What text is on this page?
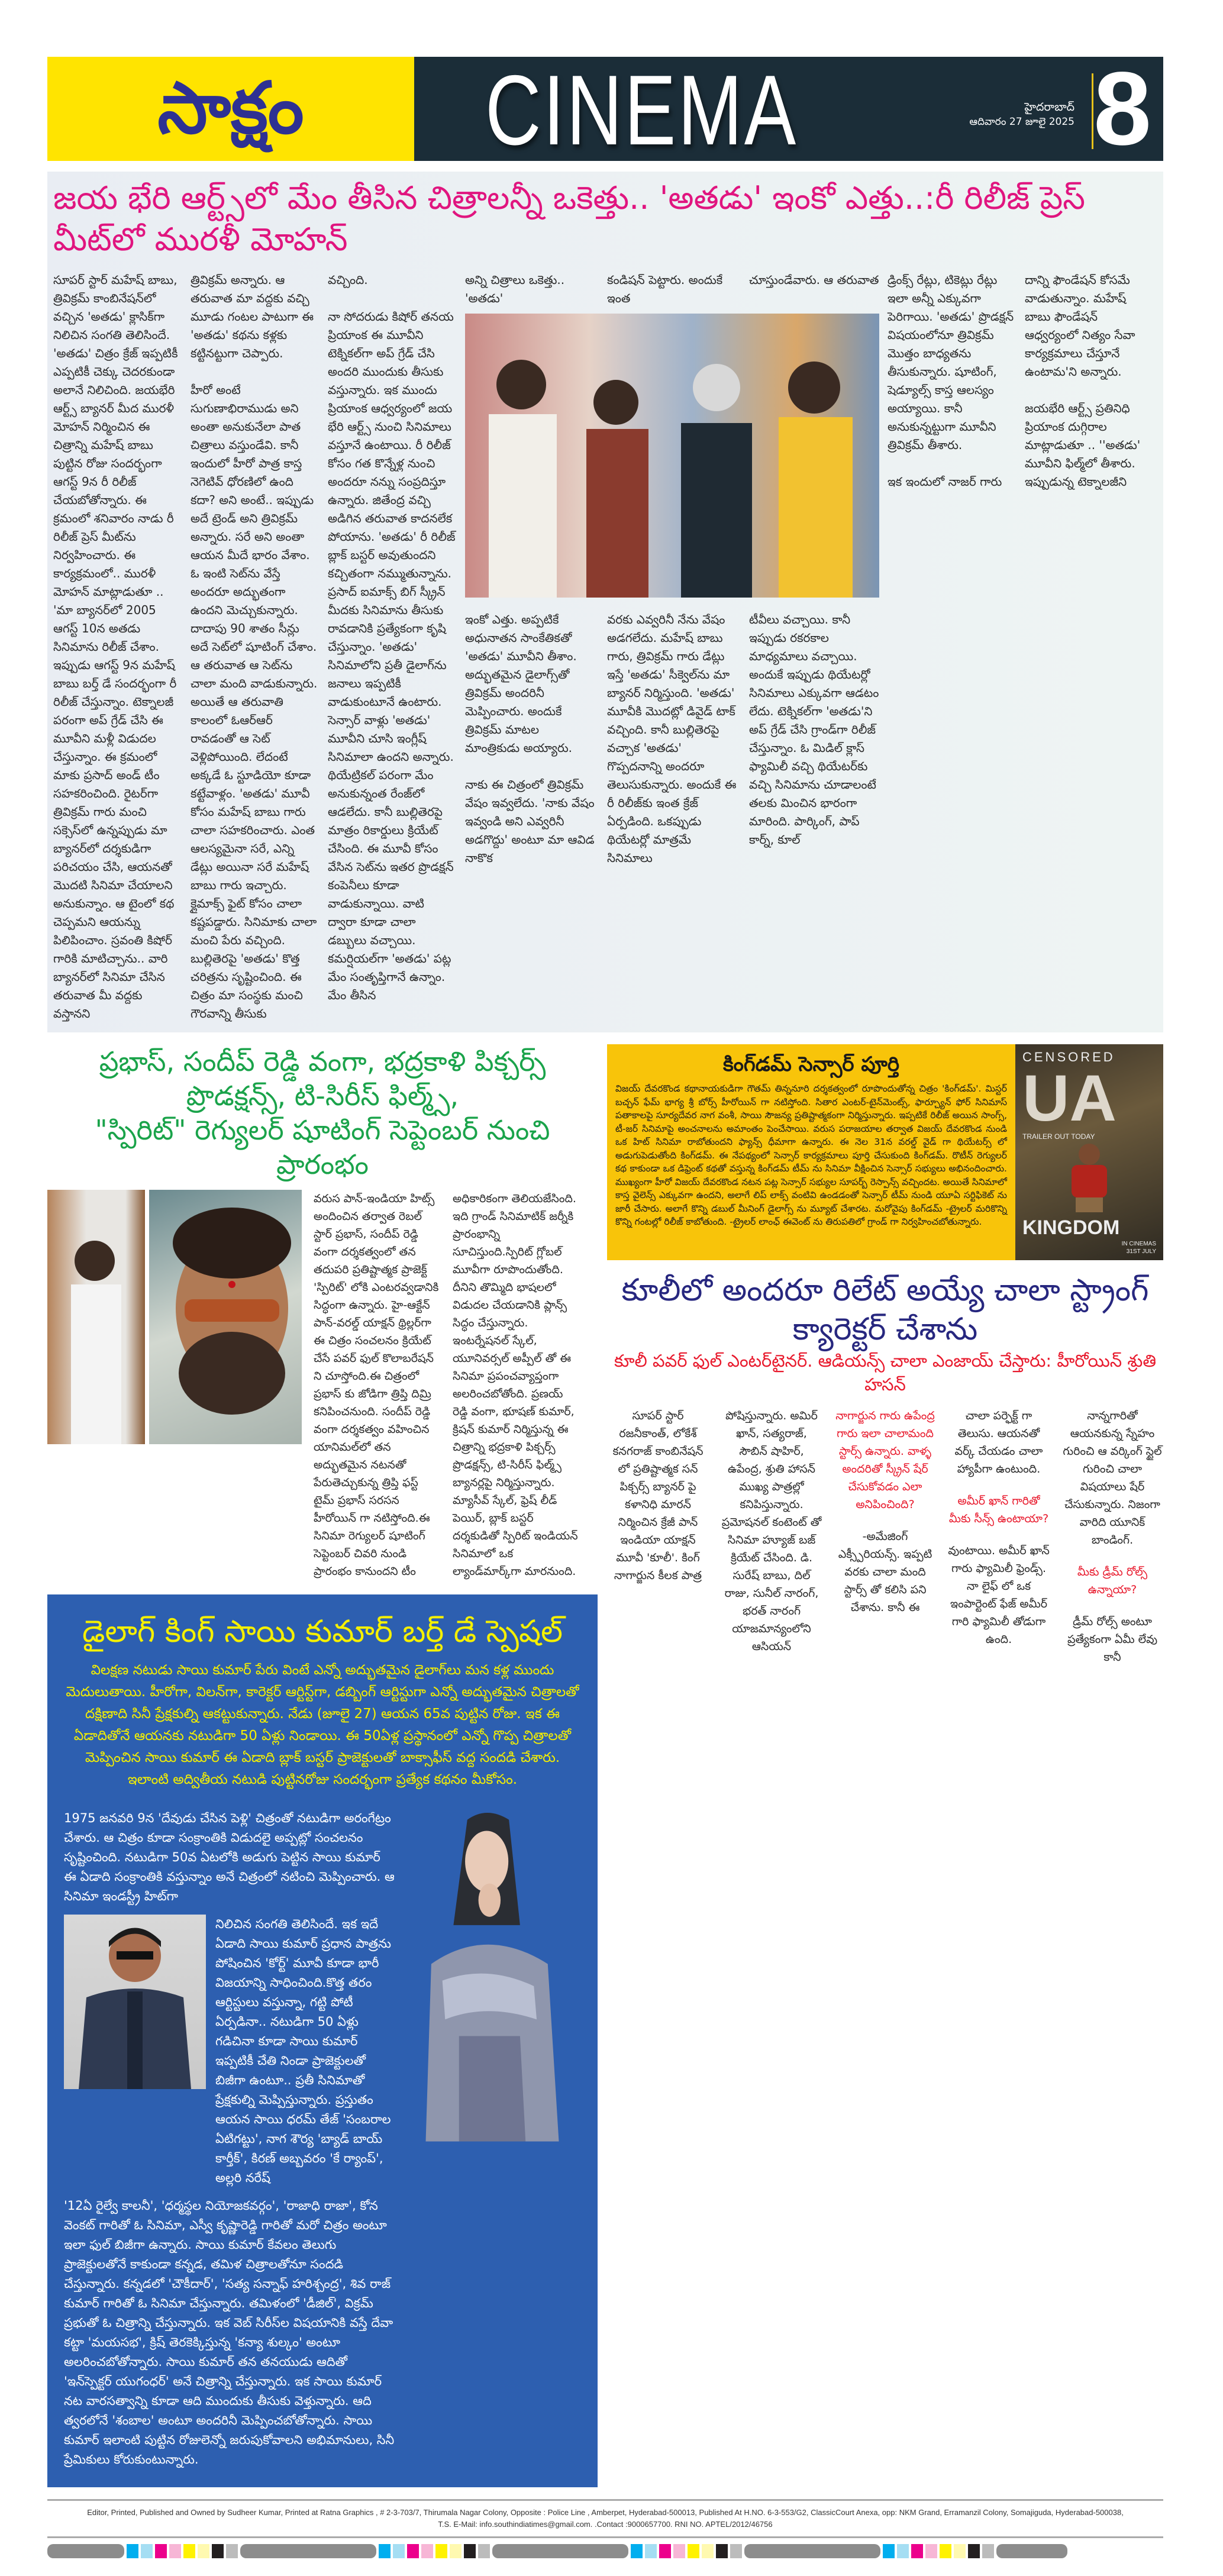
సాక్షం CINEMA	హైదరాబాద్
ఆదివారం 27 జూలై 2025 8
జయ భేరి ఆర్ట్స్‌లో మేం తీసిన చిత్రాలన్నీ ఒకెత్తు.. 'అతడు' ఇంకో ఎత్తు..:రీ రిలీజ్ ప్రెస్ మీట్‌లో మురళీ మోహన్

సూపర్ స్టార్ మహేష్ బాబు, త్రివిక్రమ్ కాంబినేషన్‌లో వచ్చిన 'అతడు' క్లాసిక్‌గా నిలిచిన సంగతి తెలిసిందే. 'అతడు' చిత్రం క్రేజ్ ఇప్పటికీ ఎప్పటికీ చెక్కు చెదరకుండా అలానే నిలిచింది. జయభేరి ఆర్ట్స్ బ్యానర్ మీద మురళీ మోహన్ నిర్మించిన ఈ చిత్రాన్ని మహేష్ బాబు పుట్టిన రోజు సందర్భంగా ఆగస్ట్ 9న రీ రిలీజ్ చేయబోతోన్నారు. ఈ క్రమంలో శనివారం నాడు రీ రిలీజ్ ప్రెస్ మీట్‌ను నిర్వహించారు. ఈ కార్యక్రమంలో.. మురళీ మోహన్ మాట్లాడుతూ .. 'మా బ్యానర్‌లో 2005 ఆగస్ట్ 10న అతడు సినిమాను రిలీజ్ చేశాం. ఇప్పుడు ఆగస్ట్ 9న మహేష్ బాబు బర్త్ డే సందర్భంగా రీ రిలీజ్ చేస్తున్నాం. టెక్నాలజీ పరంగా అప్ గ్రేడ్ చేసి ఈ మూవీని మళ్లీ విడుదల చేస్తున్నాం. ఈ క్రమంలో మాకు ప్రసాద్ అండ్ టీం సహకరించింది. రైటర్‌గా త్రివిక్రమ్ గారు మంచి సక్సెస్‌లో ఉన్నప్పుడు మా బ్యానర్‌లో దర్శకుడిగా పరిచయం చేసి, ఆయనతో మొదటి సినిమా చేయాలని అనుకున్నాం. ఆ టైంలో కథ చెప్పమని ఆయన్ను పిలిపించాం. స్రవంతి కిషోర్ గారికి మాటిచ్చాను.. వారి బ్యానర్‌లో సినిమా చేసిన తరువాత మీ వద్దకు వస్తానని

త్రివిక్రమ్ అన్నారు. ఆ తరువాత మా వద్దకు వచ్చి మూడు గంటల పాటుగా ఈ 'అతడు' కథను కళ్లకు కట్టినట్టుగా చెప్పారు.

హీరో అంటే సుగుణాభిరాముడు అని అంతా అనుకునేలా పాత చిత్రాలు వస్తుండేవి. కానీ ఇందులో హీరో పాత్ర కాస్త నెగెటివ్ ధోరణిలో ఉంది కదా? అని అంటే.. ఇప్పుడు అదే ట్రెండ్ అని త్రివిక్రమ్ అన్నారు. సరే అని అంతా ఆయన మీదే భారం వేశాం. ఓ ఇంటి సెట్‌ను వేస్తే అందరూ అద్భుతంగా ఉందని మెచ్చుకున్నారు. దాదాపు 90 శాతం సీన్లు అదే సెట్‌లో షూటింగ్ చేశాం. ఆ తరువాత ఆ సెట్‌ను చాలా మంది వాడుకున్నారు. అయితే ఆ తరువాతి కాలంలో ఓఆర్ఆర్ రావడంతో ఆ సెట్ వెళ్లిపోయింది. లేదంటే అక్కడే ఓ స్టూడియో కూడా కట్టేవాళ్లం. 'అతడు' మూవీ కోసం మహేష్ బాబు గారు చాలా సహకరించారు. ఎంత ఆలస్యమైనా సరే, ఎన్ని డేట్లు అయినా సరే మహేష్ బాబు గారు ఇచ్చారు. క్లైమాక్స్ ఫైట్ కోసం చాలా కష్టపడ్డారు. సినిమాకు చాలా మంచి పేరు వచ్చింది. బుల్లితెరపై 'అతడు' కొత్త చరిత్రను సృష్టించింది. ఈ చిత్రం మా సంస్థకు మంచి గౌరవాన్ని తీసుకు

వచ్చింది.

నా సోదరుడు కిషోర్ తనయ ప్రియాంక ఈ మూవీని టెక్నికల్‌గా అప్ గ్రేడ్ చేసి అందరి ముందుకు తీసుకు వస్తున్నారు. ఇక ముందు ప్రియాంక ఆధ్వర్యంలో జయ భేరి ఆర్ట్స్ నుంచి సినిమాలు వస్తూనే ఉంటాయి. రీ రిలీజ్ కోసం గత కొన్నేళ్ల నుంచి అందరూ నన్ను సంప్రదిస్తూ ఉన్నారు. జితేంద్ర వచ్చి అడిగిన తరువాత కాదనలేక పోయాను. 'అతడు' రీ రిలీజ్ బ్లాక్ బస్టర్ అవుతుందని కచ్చితంగా నమ్ముతున్నాను. ప్రసాద్ ఐమాక్స్ బిగ్ స్క్రీన్ మీదకు సినిమాను తీసుకు రావడానికి ప్రత్యేకంగా కృషి చేస్తున్నాం. 'అతడు' సినిమాలోని ప్రతీ డైలాగ్‌ను జనాలు ఇప్పటికీ వాడుకుంటూనే ఉంటారు. సెన్సార్ వాళ్లు 'అతడు' మూవీని చూసి ఇంగ్లీష్ సినిమాలా ఉందని అన్నారు. థియేట్రికల్ పరంగా మేం అనుకున్నంత రేంజ్‌లో ఆడలేదు. కానీ బుల్లితెరపై మాత్రం రికార్డులు క్రియేట్ చేసింది. ఈ మూవీ కోసం వేసిన సెట్‌ను ఇతర ప్రొడక్షన్ కంపెనీలు కూడా వాడుకున్నాయి. వాటి ద్వారా కూడా చాలా డబ్బులు వచ్చాయి. కమర్షియల్‌గా 'అతడు' పట్ల మేం సంతృప్తిగానే ఉన్నాం. మేం తీసిన

అన్ని చిత్రాలు ఒకెత్తు.. 'అతడు'

కండిషన్ పెట్టారు. అందుకే ఇంత

చూస్తుండేవారు. ఆ తరువాత

ఇంకో ఎత్తు. అప్పటికే అధునాతన సాంకేతికతో 'అతడు' మూవీని తీశాం. అద్భుతమైన డైలాగ్స్‌తో త్రివిక్రమ్ అందరినీ మెప్పించారు. అందుకే త్రివిక్రమ్ మాటల మాంత్రికుడు అయ్యారు.

నాకు ఈ చిత్రంలో త్రివిక్రమ్ వేషం ఇవ్వలేదు. 'నాకు వేషం ఇవ్వండి అని ఎవ్వరినీ అడగొద్దు' అంటూ మా ఆవిడ నాకొక

వరకు ఎవ్వరినీ నేను వేషం అడగలేదు. మహేష్ బాబు గారు, త్రివిక్రమ్ గారు డేట్లు ఇస్తే 'అతడు' సీక్వెల్‌ను మా బ్యానర్ నిర్మిస్తుంది. 'అతడు' మూవీకి మొదట్లో డివైడ్ టాక్ వచ్చింది. కానీ బుల్లితెరపై వచ్చాక 'అతడు' గొప్పదనాన్ని అందరూ తెలుసుకున్నారు. అందుకే ఈ రీ రిలీజ్‌కు ఇంత క్రేజ్ ఏర్పడింది. ఒకప్పుడు థియేటర్లో మాత్రమే సినిమాలు

టీవీలు వచ్చాయి. కానీ ఇప్పుడు రకరకాల మాధ్యమాలు వచ్చాయి. అందుకే ఇప్పుడు థియేటర్లో సినిమాలు ఎక్కువగా ఆడటం లేదు. టెక్నికల్‌గా 'అతడు'ని అప్ గ్రేడ్ చేసి గ్రాండ్‌గా రిలీజ్ చేస్తున్నాం. ఓ మిడిల్ క్లాస్ ఫ్యామిలీ వచ్చి థియేటర్‌కు వచ్చి సినిమాను చూడాలంటే తలకు మించిన భారంగా మారింది. పార్కింగ్, పాప్ కార్న్, కూల్

డ్రింక్స్ రేట్లు, టికెట్లు రేట్లు ఇలా అన్నీ ఎక్కువగా పెరిగాయి. 'అతడు' ప్రొడక్షన్ విషయంలోనూ త్రివిక్రమ్ మొత్తం బాధ్యతను తీసుకున్నారు. షూటింగ్, షెడ్యూల్స్ కాస్త ఆలస్యం అయ్యాయి. కానీ అనుకున్నట్టుగా మూవీని త్రివిక్రమ్ తీశారు.

ఇక ఇందులో నాజర్ గారు

దాన్ని ఫౌండేషన్ కోసమే వాడుతున్నాం. మహేష్ బాబు ఫౌండేషన్ ఆధ్వర్యంలో నిత్యం సేవా కార్యక్రమాలు చేస్తూనే ఉంటామ'ని అన్నారు.

జయభేరి ఆర్ట్స్ ప్రతినిధి ప్రియాంక దుగ్గిరాల మాట్లాడుతూ .. ''అతడు' మూవీని ఫిల్మ్‌లో తీశారు. ఇప్పుడున్న టెక్నాలజీని

ప్రభాస్, సందీప్ రెడ్డి వంగా, భద్రకాళి పిక్చర్స్ ప్రొడక్షన్స్, టి-సిరీస్ ఫిల్మ్స్,
"స్పిరిట్" రెగ్యులర్ షూటింగ్ సెప్టెంబర్ నుంచి ప్రారంభం
వరుస పాన్-ఇండియా హిట్స్ అందించిన తర్వాత రెబల్ స్టార్ ప్రభాస్, సందీప్ రెడ్డి వంగా దర్శకత్వంలో తన తదుపరి ప్రతిష్టాత్మక ప్రాజెక్ట్ 'స్పిరిట్' లోకి ఎంటరవ్వడానికి సిద్ధంగా ఉన్నారు. హై-ఆక్టేన్ పాన్-వరల్డ్ యాక్షన్ థ్రిల్లర్‌గా ఈ చిత్రం సంచలనం క్రియేట్ చేసే పవర్ ఫుల్ కొలాబరేషన్ ని చూస్తోంది.ఈ చిత్రంలో ప్రభాస్ కు జోడిగా త్రిప్తి దిమ్రి కనిపించనుంది. సందీప్ రెడ్డి వంగా దర్శకత్వం వహించిన యానిమల్‌లో తన అద్భుతమైన నటనతో పేరుతెచ్చుకున్న త్రిప్తి ఫస్ట్ టైమ్ ప్రభాస్ సరసన హీరోయిన్ గా నటిస్తోంది.ఈ సినిమా రెగ్యులర్ షూటింగ్ సెప్టెంబర్ చివరి నుండి ప్రారంభం కానుందని టీం
అధికారికంగా తెలియజేసింది. ఇది గ్రాండ్ సినిమాటిక్ జర్నీకి ప్రారంభాన్ని సూచిస్తుంది.స్పిరిట్ గ్లోబల్ మూవీగా రూపొందుతోంది. దీనిని తొమ్మిది భాషలలో విడుదల చేయడానికి ప్లాన్స్ సిద్ధం చేస్తున్నారు. ఇంటర్నేషనల్ స్కేల్, యూనివర్సల్ అప్పీల్ తో ఈ సినిమా ప్రపంచవ్యాప్తంగా అలరించబోతోంది. ప్రణయ్ రెడ్డి వంగా, భూషణ్ కుమార్, క్రిషన్ కుమార్ నిర్మిస్తున్న ఈ చిత్రాన్ని భద్రకాళి పిక్చర్స్ ప్రొడక్షన్స్, టి-సిరీస్ ఫిల్మ్స్ బ్యానర్లపై నిర్మిస్తున్నారు. మ్యాసీవ్ స్కేల్, ఫ్రెష్ లీడ్ పెయిర్, బ్లాక్ బస్టర్ దర్శకుడితో స్పిరిట్ ఇండియన్ సినిమాలో ఒక ల్యాండ్‌మార్క్‌గా మారనుంది.
డైలాగ్ కింగ్ సాయి కుమార్ బర్త్ డే స్పెషల్
విలక్షణ నటుడు సాయి కుమార్ పేరు వింటే ఎన్నో అద్భుతమైన డైలాగ్‌లు మన కళ్ల ముందు మెదులుతాయి. హీరోగా, విలన్‌గా, కారెక్టర్ ఆర్టిస్ట్‌గా, డబ్బింగ్ ఆర్టిస్టుగా ఎన్నో అద్భుతమైన చిత్రాలతో దక్షిణాది సినీ ప్రేక్షకుల్ని ఆకట్టుకున్నారు. నేడు (జూలై 27) ఆయన 65వ పుట్టిన రోజు. ఇక ఈ ఏడాదితోనే ఆయనకు నటుడిగా 50 ఏళ్లు నిండాయి. ఈ 50ఏళ్ల ప్రస్థానంలో ఎన్నో గొప్ప చిత్రాలతో మెప్పించిన సాయి కుమార్ ఈ ఏడాది బ్లాక్ బస్టర్ ప్రాజెక్టులతో బాక్సాఫీస్ వద్ద సందడి చేశారు. ఇలాంటి అద్వితీయ నటుడి పుట్టినరోజు సందర్భంగా ప్రత్యేక కథనం మీకోసం.
1975 జనవరి 9న 'దేవుడు చేసిన పెళ్లి' చిత్రంతో నటుడిగా అరంగేట్రం చేశారు. ఆ చిత్రం కూడా సంక్రాంతికి విడుదలై అప్పట్లో సంచలనం సృష్టించింది. నటుడిగా 50వ ఏటలోకి అడుగు పెట్టిన సాయి కుమార్ ఈ ఏడాది సంక్రాంతికి వస్తున్నాం అనే చిత్రంలో నటించి మెప్పించారు. ఆ సినిమా ఇండస్ట్రీ హిట్‌గా
నిలిచిన సంగతి తెలిసిందే. ఇక ఇదే ఏడాది సాయి కుమార్ ప్రధాన పాత్రను పోషించిన 'కోర్ట్' మూవీ కూడా భారీ విజయాన్ని సాధించింది.కొత్త తరం ఆర్టిస్టులు వస్తున్నా, గట్టి పోటీ ఏర్పడినా.. నటుడిగా 50 ఏళ్లు గడిచినా కూడా సాయి కుమార్ ఇప్పటికీ చేతి నిండా ప్రాజెక్టులతో బిజీగా ఉంటూ.. ప్రతీ సినిమాతో ప్రేక్షకుల్ని మెప్పిస్తున్నారు. ప్రస్తుతం ఆయన సాయి ధరమ్ తేజ్ 'సంబరాల ఏటిగట్టు', నాగ శౌర్య 'బ్యాడ్ బాయ్ కార్తీక్', కిరణ్ అబ్బవరం 'కే ర్యాంప్', అల్లరి నరేష్
'12ఏ రైల్వే కాలనీ', 'ధర్మస్థల నియోజకవర్గం', 'రాజాధి రాజా', కోన వెంకట్ గారితో ఓ సినిమా, ఎస్వీ కృష్ణారెడ్డి గారితో మరో చిత్రం అంటూ ఇలా ఫుల్ బిజీగా ఉన్నారు. సాయి కుమార్ కేవలం తెలుగు ప్రాజెక్టులతోనే కాకుండా కన్నడ, తమిళ చిత్రాలతోనూ సందడి చేస్తున్నారు. కన్నడలో 'చౌకీదార్', 'సత్య సన్నాఫ్ హరిశ్చంద్ర', శివ రాజ్ కుమార్ గారితో ఓ సినిమా చేస్తున్నారు. తమిళంలో 'డీజిల్', విక్రమ్ ప్రభుతో ఓ చిత్రాన్ని చేస్తున్నారు. ఇక వెబ్ సిరీస్‌ల విషయానికి వస్తే దేవా కట్టా 'మయసభ', క్రిష్ తెరకెక్కిస్తున్న 'కన్యా శుల్కం' అంటూ అలరించబోతోన్నారు. సాయి కుమార్ తన తనయుడు ఆదితో 'ఇన్‌స్పెక్టర్ యుగంధర్' అనే చిత్రాన్ని చేస్తున్నారు. ఇక సాయి కుమార్ నట వారసత్వాన్ని కూడా ఆది ముందుకు తీసుకు వెళ్తున్నారు. ఆది త్వరలోనే 'శంబాల' అంటూ అందరినీ మెప్పించబోతోన్నారు. సాయి కుమార్ ఇలాంటి పుట్టిన రోజులెన్నో జరుపుకోవాలని అభిమానులు, సినీ ప్రేమికులు కోరుకుంటున్నారు.
కింగ్‌డమ్ సెన్సార్ పూర్తి
విజయ్ దేవరకొండ కథానాయకుడిగా గౌతమ్ తిన్ననూరి దర్శకత్వంలో రూపొందుతోన్న చిత్రం 'కింగ్‌డమ్'. మిస్టర్ బచ్చన్ ఫేమ్ భాగ్య శ్రీ బోర్స్ హీరోయిన్ గా నటిస్తోంది. సితార ఎంటర్-టైన్‌మెంట్స్, ఫార్చ్యూన్ ఫోర్ సినిమాస్ పతాకాలపై సూర్యదేవర నాగ వంశీ, సాయి సౌజన్య ప్రతిష్టాత్మకంగా నిర్మిస్తున్నారు. ఇప్పటికే రిలీజ్ అయిన సాంగ్స్, టీ-జర్ సినిమాపై అంచనాలను అమాంతం పెంచేసాయి. వరుస పరాజయాల తర్వాత విజయ్ దేవరకొండ నుండి ఒక హిట్ సినిమా రాబోతుందని ఫ్యాన్స్ ధీమాగా ఉన్నారు. ఈ నెల 31న వరల్డ్ వైడ్ గా థియేటర్స్ లో అడుగుపెడుతోంది కింగ్‌డమ్. ఈ నేపథ్యంలో సెన్సార్ కార్యక్రమాలు పూర్తి చేసుకుంది కింగ్‌డమ్. రొటీన్ రెగ్యులర్ కథ కాకుండా ఒక డిఫ్రెంట్ కథతో వస్తున్న కింగ్‌డమ్ టీమ్ ను సినిమా వీక్షించిన సెన్సార్ సభ్యులు అభినందించారు. ముఖ్యంగా హీరో విజయ్ దేవరకొండ నటన పట్ల సెన్సార్ సభ్యుల సూపర్బ్ రెస్పాన్స్ వచ్చిందట. అయితే సినిమాలో కాస్త వైలెన్స్ ఎక్కువగా ఉందని, అలాగే లిప్ లాక్స్ వంటివి ఉండడంతో సెన్సార్ టీమ్ నుండి యూఏ సర్టిఫికెట్ ను జారీ చేసారు. అలాగే కొన్ని డబుల్ మీనింగ్ డైలాగ్స్ ను మ్యూట్ చేశారట. మరోవైపు కింగ్‌డమ్ -ట్రైలర్ మరికొన్ని కొన్ని గంటల్లో రిలీజ్ కాబోతుంది. -ట్రైలర్ లాంఛ్ ఈవెంట్ ను తిరుపతిలో గ్రాండ్ గా నిర్వహించబోతున్నారు.
CENSORED
UA
TRAILER OUT TODAY
KINGDOM
IN CINEMAS
31ST JULY
కూలీలో అందరూ రిలేట్ అయ్యే చాలా స్ట్రాంగ్ క్యారెక్టర్ చేశాను
కూలీ పవర్ ఫుల్ ఎంటర్‌టైనర్. ఆడియన్స్ చాలా ఎంజాయ్ చేస్తారు: హీరోయిన్ శ్రుతి హసన్

సూపర్ స్టార్ రజనీకాంత్, లోకేశ్ కనగరాజ్ కాంబినేషన్ లో ప్రతిష్టాత్మక సన్ పిక్చర్స్ బ్యానర్ పై కళానిధి మారన్ నిర్మించిన క్రేజీ పాన్ ఇండియా యాక్షన్ మూవీ 'కూలీ'. కింగ్ నాగార్జున కీలక పాత్ర

పోషిస్తున్నారు. అమిర్ ఖాన్, సత్యరాజ్, సౌబిన్ షాహిర్, ఉపేంద్ర, శ్రుతి హాసన్ ముఖ్య పాత్రల్లో కనిపిస్తున్నారు. ప్రమోషనల్ కంటెంట్ తో సినిమా హ్యూజ్ బజ్ క్రియేట్ చేసింది. డి. సురేష్ బాబు, దిల్ రాజు, సునీల్ నారంగ్, భరత్ నారంగ్ యాజమాన్యంలోని ఆసియన్

నాగార్జున గారు ఉపేంద్ర గారు ఇలా చాలామంది స్టార్స్ ఉన్నారు. వాళ్ళ అందరితో స్క్రీన్ షేర్ చేసుకోవడం ఎలా అనిపించింది?

-అమేజింగ్ ఎక్స్పీరియన్స్. ఇప్పటి వరకు చాలా మంది స్టార్స్ తో కలిసి పని చేశాను. కానీ ఈ

చాలా పర్ఫెక్ట్ గా తెలుసు. ఆయనతో వర్క్ చేయడం చాలా హ్యాపీగా ఉంటుంది.

అమీర్ ఖాన్ గారితో మీకు సీన్స్ ఉంటాయా?

వుంటాయి. అమీర్ ఖాన్ గారు ఫ్యామిలీ ఫ్రెండ్స్. నా లైఫ్ లో ఒక ఇంపార్టెంట్ ఫేజ్ అమీర్ గారి ఫ్యామిలీ తోడుగా ఉంది.

నాన్నగారితో ఆయనకున్న స్నేహం గురించి ఆ వర్కింగ్ స్టైల్ గురించి చాలా విషయాలు షేర్ చేసుకున్నారు. నిజంగా వారిది యూనిక్ బాండింగ్.

మీకు డ్రీమ్ రోల్స్ ఉన్నాయా?

డ్రీమ్ రోల్స్ అంటూ ప్రత్యేకంగా ఏమీ లేవు కానీ

Editor, Printed, Published and Owned by Sudheer Kumar, Printed at Ratna Graphics , # 2-3-703/7, Thirumala Nagar Colony, Opposite : Police Line , Amberpet, Hyderabad-500013, Published At H.NO. 6-3-553/G2, ClassicCourt Anexa, opp: NKM Grand, Erramanzil Colony, Somajiguda, Hyderabad-500038,
T.S. E-Mail: info.southindiatimes@gmail.com. .Contact :9000657700. RNI NO. APTEL/2012/46756
